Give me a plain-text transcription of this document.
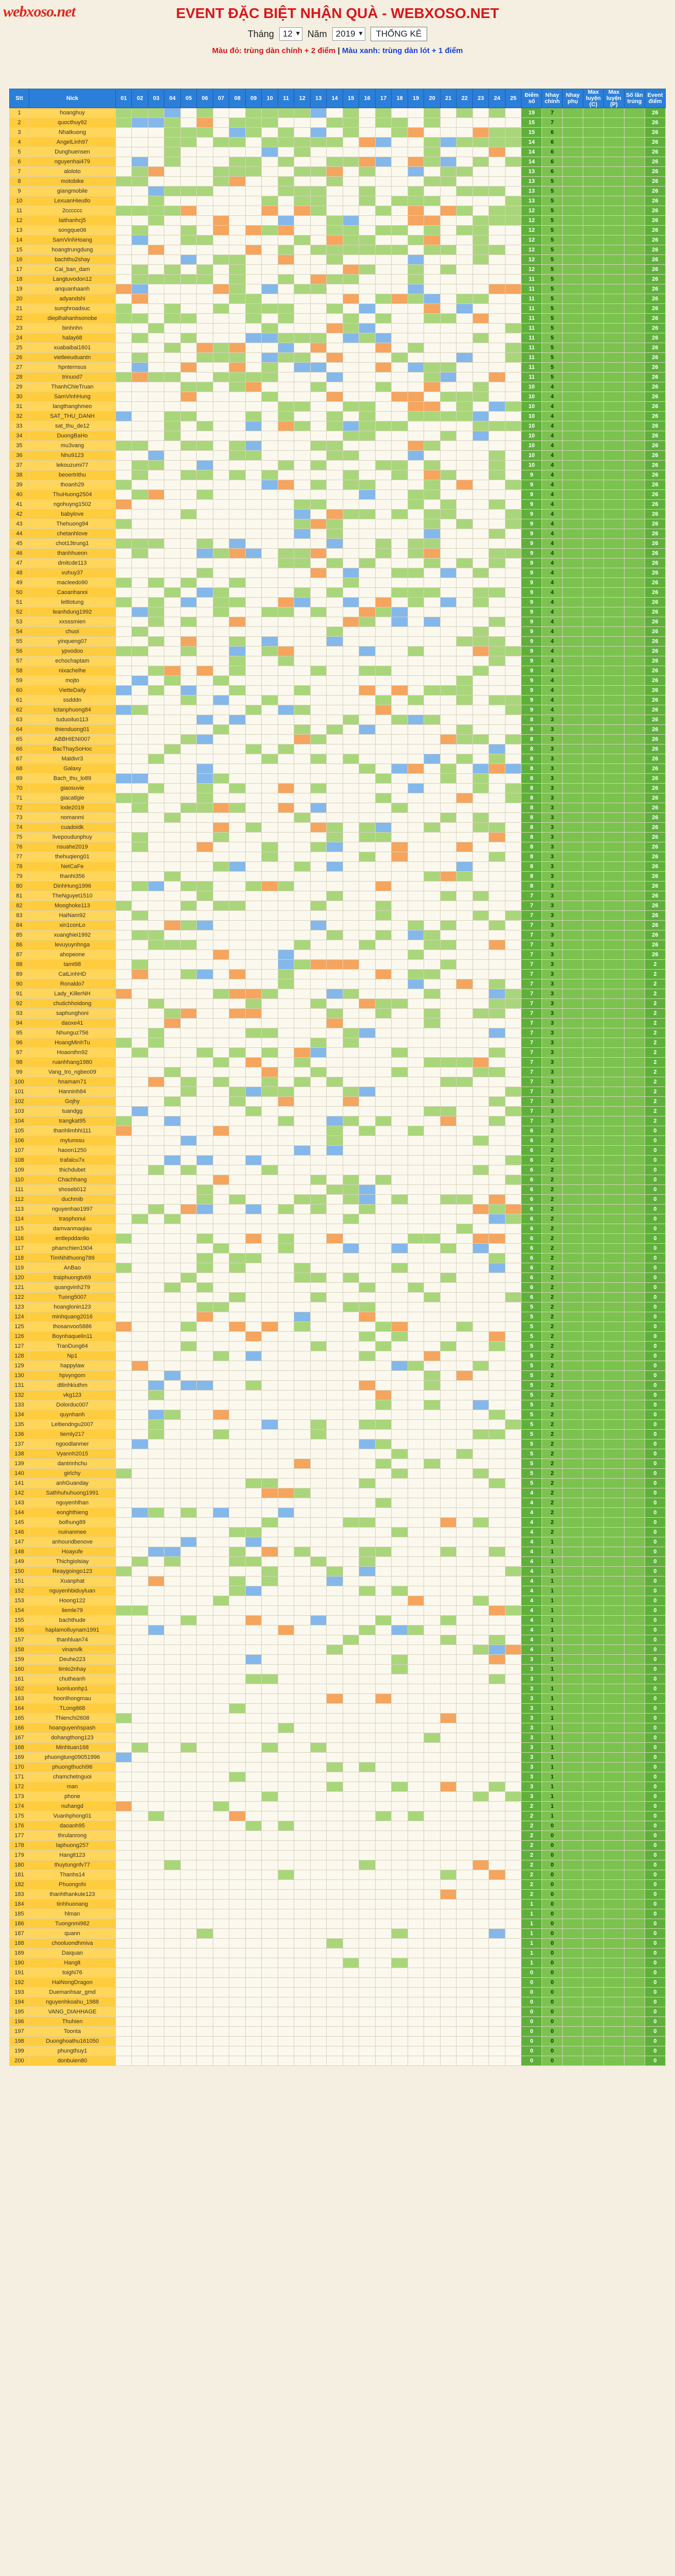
webxoso.net	EVENT ĐẶC BIỆT NHẬN QUÀ - WEBXOSO.NET
Tháng	12 ▾	Năm	2019 ▾	THỐNG KÊ
Màu đỏ: trùng dàn chính + 2 điểm | Màu xanh: trùng dàn lót + 1 điểm
Stt	Nick	01	02	03	04	05	06	07	08	09	10	11	12	13	14	15	16	17	18	19	20	21	22	23	24	25	Điểm số	Nhay chính	Nhay phụ	Max luyện (C)	Max luyện (P)	Số lần trúng	Event điểm
1	hoanghuy																										19	7					26
2	quocthuy92																										15	7					26
3	Nhatkuong																										15	6					26
4	AngelLinh97																										14	6					26
5	Dunghuensen																										14	6					26
6	nguyenhai479																										14	6					26
7	aloloto																										13	6					26
8	motobike																										13	5					26
9	giangmobile																										13	5					26
10	LexuanHieutlo																										13	5					26
11	2cccccc																										12	5					26
12	laithanhcj5																										12	5					26
13	songque06																										12	5					26
14	SamVinhHoang																										12	5					26
15	hoangtrungdung																										12	5					26
16	bachthu2shay																										12	5					26
17	Cai_ban_dam																										12	5					26
18	Langtuvodon12																										11	5					26
19	anquanhaanh																										11	5					26
20	adyandshi																										11	5					26
21	sunghroadsuc																										11	5					26
22	dieplhahanhsonobe																										11	5					26
23	binhnhn																										11	5					26
24	halay68																										11	5					26
25	xuabaibai1601																										11	5					26
26	vietleeuduantn																										11	5					26
27	hpnternsus																										11	5					26
28	trinuod7																										11	5					26
29	ThanhChieTruan																										10	4					26
30	SamVinhHung																										10	4					26
31	langthanghmeo																										10	4					26
32	SAT_THU_DANH																										10	4					26
33	sat_thu_de12																										10	4					26
34	DuongBaHo																										10	4					26
35	mu3vang																										10	4					26
36	Nhu9123																										10	4					26
37	lekouzumi77																										10	4					26
38	beoertrithu																										9	4					26
39	thoanh29																										9	4					26
40	ThuHuong2504																										9	4					26
41	ngohuyng1502																										9	4					26
42	babylove																										9	4					26
43	Thehuong94																										9	4					26
44	chetanhlove																										9	4					26
45	chot13trung1																										9	4					26
46	thanhhueon																										9	4					26
47	dmitcde113																										9	4					26
48	vuhuy37																										9	4					26
49	macleedo90																										9	4					26
50	Caoanhanoi																										9	4					26
51	leltlotung																										9	4					26
52	leanhdung1992																										9	4					26
53	xxsssmien																										9	4					26
54	chuoi																										9	4					26
55	yinqueng07																										9	4					26
56	ypvodoo																										9	4					26
57	echochaptam																										9	4					26
58	nixachelhe																										9	4					26
59	mojto																										9	4					26
60	VietteDaily																										9	4					26
61	ssdddn																										9	4					26
62	tctanphuong84																										9	4					26
63	tuduoiluo113																										8	3					26
64	thienduong01																										8	3					26
65	ABBHIENI007																										8	3					26
66	BacThaySoHoc																										8	3					26
67	Maldivr3																										8	3					26
68	Galaxy																										8	3					26
69	Bach_thu_lo89																										8	3					26
70	giaosuvie																										8	3					26
71	giacatlgie																										8	3					26
72	lode2019																										8	3					26
73	nomanmi																										8	3					26
74	cuadoidk																										8	3					26
75	livepoudunphuy																										8	3					26
76	nsuahe2019																										8	3					26
77	thehuqieng01																										8	3					26
78	NetCaFe																										8	3					26
79	thanhi356																										8	3					26
80	DinhHung1996																										8	3					26
81	TheNguyet1510																										7	3					26
82	Mooghoke113																										7	3					26
83	HaiNam92																										7	3					26
84	xin1conLo																										7	3					26
85	xuanghiei1992																										7	3					26
86	levuyuynhnga																										7	3					26
87	ahopeone																										7	3					26
88	tamt98																										7	3					2
89	CatLinhHD																										7	3					2
90	Ronaldo7																										7	3					2
91	Lady_KillerNH																										7	3					2
92	chutichhoidong																										7	3					2
93	saphunghoni																										7	3					2
94	daoxe41																										7	3					2
95	Nhunguz756																										7	3					2
96	HoangMinhTu																										7	3					2
97	Hoaonthn92																										7	3					2
98	ruanhhang1980																										7	3					2
99	Vang_tro_ngbeo09																										7	3					2
100	hnamam71																										7	3					2
101	Hanninh84																										7	3					2
102	Gojhy																										7	3					2
103	tuandgg																										7	3					2
104	trangkat95																										7	3					2
105	thanhlimhhi111																										6	2					0
106	mytunssu																										6	2					0
107	haoon1250																										6	2					0
108	trafalcu7x																										6	2					0
109	thichdubet																										6	2					0
110	Chachhang																										6	2					0
111	shoseb012																										6	2					0
112	duchmib																										6	2					0
113	nguyenhao1997																										6	2					0
114	trasphonui																										6	2					0
115	damvanmaqiau																										6	2					0
116	entlepddanlio																										6	2					0
117	phamchien1904																										6	2					0
118	TimNhithuong789																										6	2					0
119	AnBao																										6	2					0
120	traiphuongtv69																										6	2					0
121	quangvinh279																										6	2					0
122	Tuong5007																										6	2					0
123	hoanglonin123																										5	2					0
124	minhquang2016																										5	2					0
125	thosanvoo5886																										5	2					0
126	Boynhaquelin11																										5	2					0
127	TranDung64																										5	2					0
128	Np1																										5	2					0
129	happylaw																										5	2					0
130	hpvyngom																										5	2					0
131	dtlinhkiuthm																										5	2					0
132	vkg123																										5	2					0
133	Dolorduc007																										5	2					0
134	quynhanh																										5	2					0
135	Leltiendngu2007																										5	2					0
136	tiemly217																										5	2					0
137	ngoodlanmer																										5	2					0
138	Vyannh2015																										5	2					0
139	dantrinhchu																										5	2					0
140	girlchy																										5	2					0
141	anhGuanday																										5	2					0
142	Sathhuhuhuong1991																										4	2					0
143	nguyenhlhan																										4	2					0
144	eonghthieng																										4	2					0
145	bolhung89																										4	2					0
146	nuinanmee																										4	2					0
147	anhoundbenove																										4	1					0
148	Hoayufe																										4	1					0
149	Thichgiolsiay																										4	1					0
150	Reaygoingo123																										4	1					0
151	Xuanphat																										4	1					0
152	nguyenhbiduyluan																										4	1					0
153	Hoong122																										4	1					0
154	liemle79																										4	1					0
155	bachthude																										4	1					0
156	haplamolluynam1991																										4	1					0
157	thanhluan74																										4	1					0
158	vinanvlk																										4	1					0
159	Deuhe223																										3	1					0
160	timlo2nhay																										3	1					0
161	chutheanh																										3	1					0
162	luonluonhp1																										3	1					0
163	hoonlhongmau																										3	1					0
164	TLong868																										3	1					0
165	Thienchi2608																										3	1					0
166	hoanguyenhspash																										3	1					0
167	dohangthong123																										3	1					0
168	Minhtuan168																										3	1					0
169	phuongtung09051996																										3	1					0
170	phuongthuchi96																										3	1					0
171	chamchetnguoi																										3	1					0
172	man																										3	1					0
173	phone																										3	1					0
174	nuhangd																										2	1					0
175	Vuanhphong01																										2	1					0
176	daoanh95																										2	0					0
177	thrulanrong																										2	0					0
178	laphuong257																										2	0					0
179	Hanglt123																										2	0					0
180	thuytungnfv77																										2	0					0
181	Thanhs14																										2	0					0
182	Phuongnhi																										2	0					0
183	thanhthankute123																										2	0					0
184	tinhhuonang																										1	0					0
185	hlman																										1	0					0
186	Tuongnmi982																										1	0					0
187	quann																										1	0					0
188	chooluondhmiva																										1	0					0
189	Daiquan																										1	0					0
190	Hanglt																										1	0					0
191	toighi76																										0	0					0
192	HaiNongDragon																										0	0					0
193	Duemanhsar_gmd																										0	0					0
194	nguyenhkoahu_1988																										0	0					0
195	VANG_DIAHHAGE																										0	0					0
196	Thuhien																										0	0					0
197	Toonta																										0	0					0
198	Duonghoathu161050																										0	0					0
199	phungthuy1																										0	0					0
200	donbuien80																										0	0					0
